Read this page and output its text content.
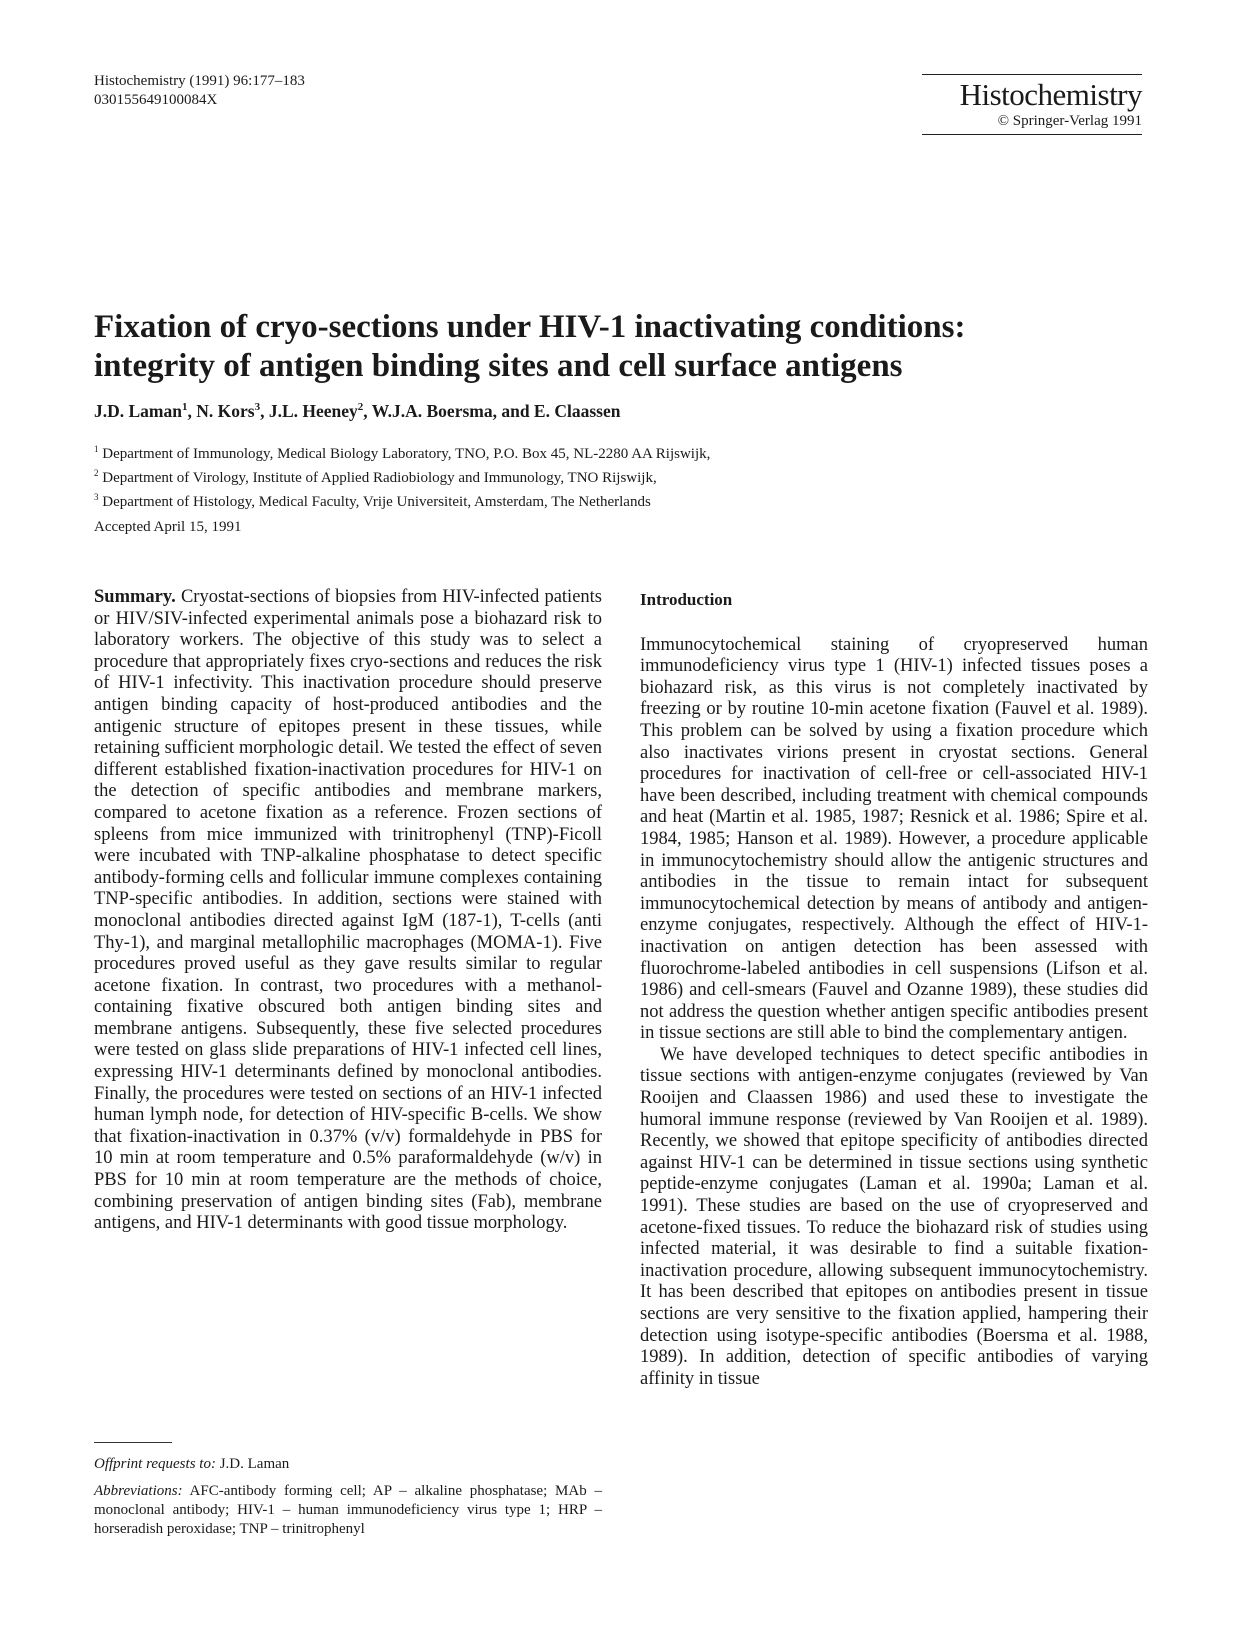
Histochemistry (1991) 96:177–183
030155649100084X	Histochemistry
© Springer-Verlag 1991
Fixation of cryo-sections under HIV-1 inactivating conditions:
integrity of antigen binding sites and cell surface antigens
J.D. Laman$^1$, N. Kors$^3$, J.L. Heeney$^2$, W.J.A. Boersma, and E. Claassen
$^1$ Department of Immunology, Medical Biology Laboratory, TNO, P.O. Box 45, NL-2280 AA Rijswijk,
$^2$ Department of Virology, Institute of Applied Radiobiology and Immunology, TNO Rijswijk,
$^3$ Department of Histology, Medical Faculty, Vrije Universiteit, Amsterdam, The Netherlands
Accepted April 15, 1991

Summary. Cryostat-sections of biopsies from HIV-infected patients or HIV/SIV-infected experimental animals pose a biohazard risk to laboratory workers. The objective of this study was to select a procedure that appropriately fixes cryo-sections and reduces the risk of HIV-1 infectivity. This inactivation procedure should preserve antigen binding capacity of host-produced antibodies and the antigenic structure of epitopes present in these tissues, while retaining sufficient morphologic detail. We tested the effect of seven different established fixation-inactivation procedures for HIV-1 on the detection of specific antibodies and membrane markers, compared to acetone fixation as a reference. Frozen sections of spleens from mice immunized with trinitrophenyl (TNP)-Ficoll were incubated with TNP-alkaline phosphatase to detect specific antibody-forming cells and follicular immune complexes containing TNP-specific antibodies. In addition, sections were stained with monoclonal antibodies directed against IgM (187-1), T-cells (anti Thy-1), and marginal metallophilic macrophages (MOMA-1). Five procedures proved useful as they gave results similar to regular acetone fixation. In contrast, two procedures with a methanol-containing fixative obscured both antigen binding sites and membrane antigens. Subsequently, these five selected procedures were tested on glass slide preparations of HIV-1 infected cell lines, expressing HIV-1 determinants defined by monoclonal antibodies. Finally, the procedures were tested on sections of an HIV-1 infected human lymph node, for detection of HIV-specific B-cells. We show that fixation-inactivation in 0.37% (v/v) formaldehyde in PBS for 10 min at room temperature and 0.5% paraformaldehyde (w/v) in PBS for 10 min at room temperature are the methods of choice, combining preservation of antigen binding sites (Fab), membrane antigens, and HIV-1 determinants with good tissue morphology.

Offprint requests to: J.D. Laman
Abbreviations: AFC-antibody forming cell; AP – alkaline phosphatase; MAb – monoclonal antibody; HIV-1 – human immunodeficiency virus type 1; HRP – horseradish peroxidase; TNP – trinitrophenyl
Introduction

Immunocytochemical staining of cryopreserved human immunodeficiency virus type 1 (HIV-1) infected tissues poses a biohazard risk, as this virus is not completely inactivated by freezing or by routine 10-min acetone fixation (Fauvel et al. 1989). This problem can be solved by using a fixation procedure which also inactivates virions present in cryostat sections. General procedures for inactivation of cell-free or cell-associated HIV-1 have been described, including treatment with chemical compounds and heat (Martin et al. 1985, 1987; Resnick et al. 1986; Spire et al. 1984, 1985; Hanson et al. 1989). However, a procedure applicable in immunocytochemistry should allow the antigenic structures and antibodies in the tissue to remain intact for subsequent immunocytochemical detection by means of antibody and antigen-enzyme conjugates, respectively. Although the effect of HIV-1-inactivation on antigen detection has been assessed with fluorochrome-labeled antibodies in cell suspensions (Lifson et al. 1986) and cell-smears (Fauvel and Ozanne 1989), these studies did not address the question whether antigen specific antibodies present in tissue sections are still able to bind the complementary antigen.

We have developed techniques to detect specific antibodies in tissue sections with antigen-enzyme conjugates (reviewed by Van Rooijen and Claassen 1986) and used these to investigate the humoral immune response (reviewed by Van Rooijen et al. 1989). Recently, we showed that epitope specificity of antibodies directed against HIV-1 can be determined in tissue sections using synthetic peptide-enzyme conjugates (Laman et al. 1990a; Laman et al. 1991). These studies are based on the use of cryopreserved and acetone-fixed tissues. To reduce the biohazard risk of studies using infected material, it was desirable to find a suitable fixation-inactivation procedure, allowing subsequent immunocytochemistry. It has been described that epitopes on antibodies present in tissue sections are very sensitive to the fixation applied, hampering their detection using isotype-specific antibodies (Boersma et al. 1988, 1989). In addition, detection of specific antibodies of varying affinity in tissue
